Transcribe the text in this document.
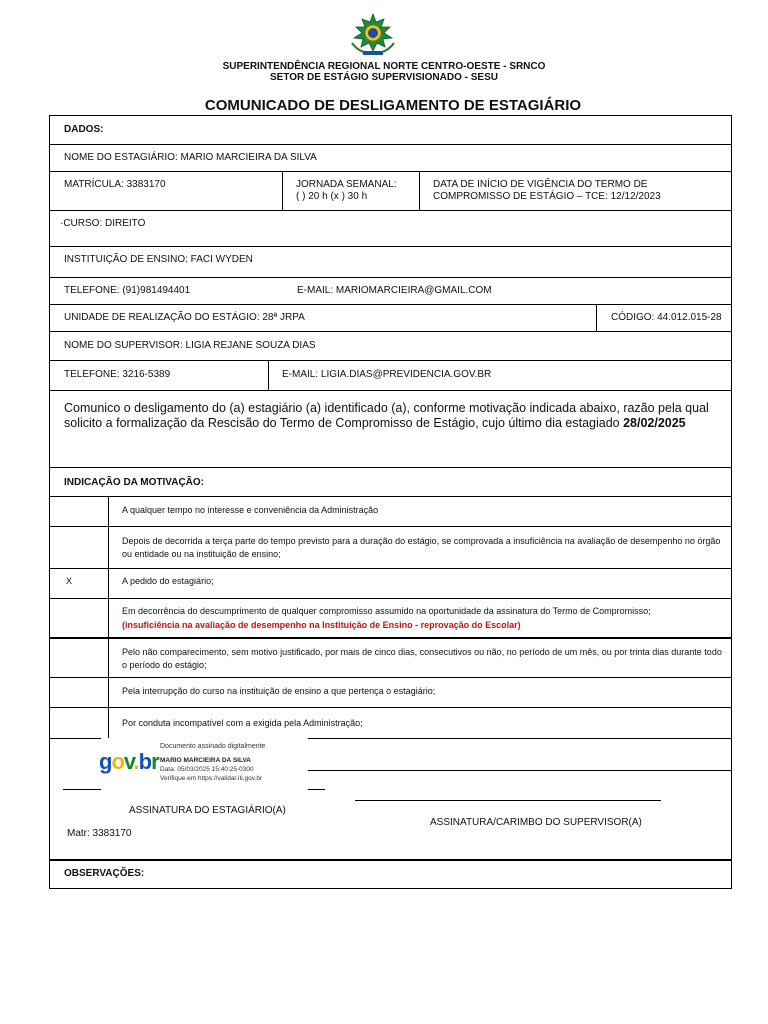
SUPERINTENDÊNCIA REGIONAL NORTE CENTRO-OESTE - SRNCO
SETOR DE ESTÁGIO SUPERVISIONADO - SESU
COMUNICADO DE DESLIGAMENTO DE ESTAGIÁRIO
DADOS:
NOME DO ESTAGIÁRIO: MARIO MARCIEIRA DA SILVA
MATRÍCULA: 3383170	JORNADA SEMANAL:
( ) 20 h (x ) 30 h
DATA DE INÍCIO DE VIGÊNCIA DO TERMO DE
COMPROMISSO DE ESTÁGIO – TCE: 12/12/2023
·CURSO: DIREITO
INSTITUIÇÃO DE ENSINO: FACI WYDEN
TELEFONE: (91)981494401	E-MAIL: MARIOMARCIEIRA@GMAIL.COM
UNIDADE DE REALIZAÇÃO DO ESTÁGIO: 28ª JRPA	CÓDIGO: 44.012.015-28
NOME DO SUPERVISOR: LIGIA REJANE SOUZA DIAS
TELEFONE: 3216-5389	E-MAIL: LIGIA.DIAS@PREVIDENCIA.GOV.BR
Comunico o desligamento do (a) estagiário (a) identificado (a), conforme motivação indicada abaixo, razão pela qual solicito a formalização da Rescisão do Termo de Compromisso de Estágio, cujo último dia estagiado 28/02/2025
INDICAÇÃO DA MOTIVAÇÃO:
A qualquer tempo no interesse e conveniência da Administração
Depois de decorrida a terça parte do tempo previsto para a duração do estágio, se comprovada a insuficiência na avaliação de desempenho no órgão ou entidade ou na instituição de ensino;
X	A pedido do estagiário;
Em decorrência do descumprimento de qualquer compromisso assumido na oportunidade da assinatura do Termo de Compromisso;
(insuficiência na avaliação de desempenho na Instituição de Ensino - reprovação do Escolar)
Pelo não comparecimento, sem motivo justificado, por mais de cinco dias, consecutivos ou não, no período de um mês, ou por trinta dias durante todo o período do estágio;
Pela interrupção do curso na instituição de ensino a que pertença o estagiário;
Por conduta incompatível com a exigida pela Administração;
gov.br
Documento assinado digitalmente
MARIO MARCIEIRA DA SILVA
Data: 05/03/2025 15:40:25-0300
Verifique em https://validar.iti.gov.br
ASSINATURA DO ESTAGIÁRIO(A)
ASSINATURA/CARIMBO DO SUPERVISOR(A)
Matr: 3383170
OBSERVAÇÕES:
